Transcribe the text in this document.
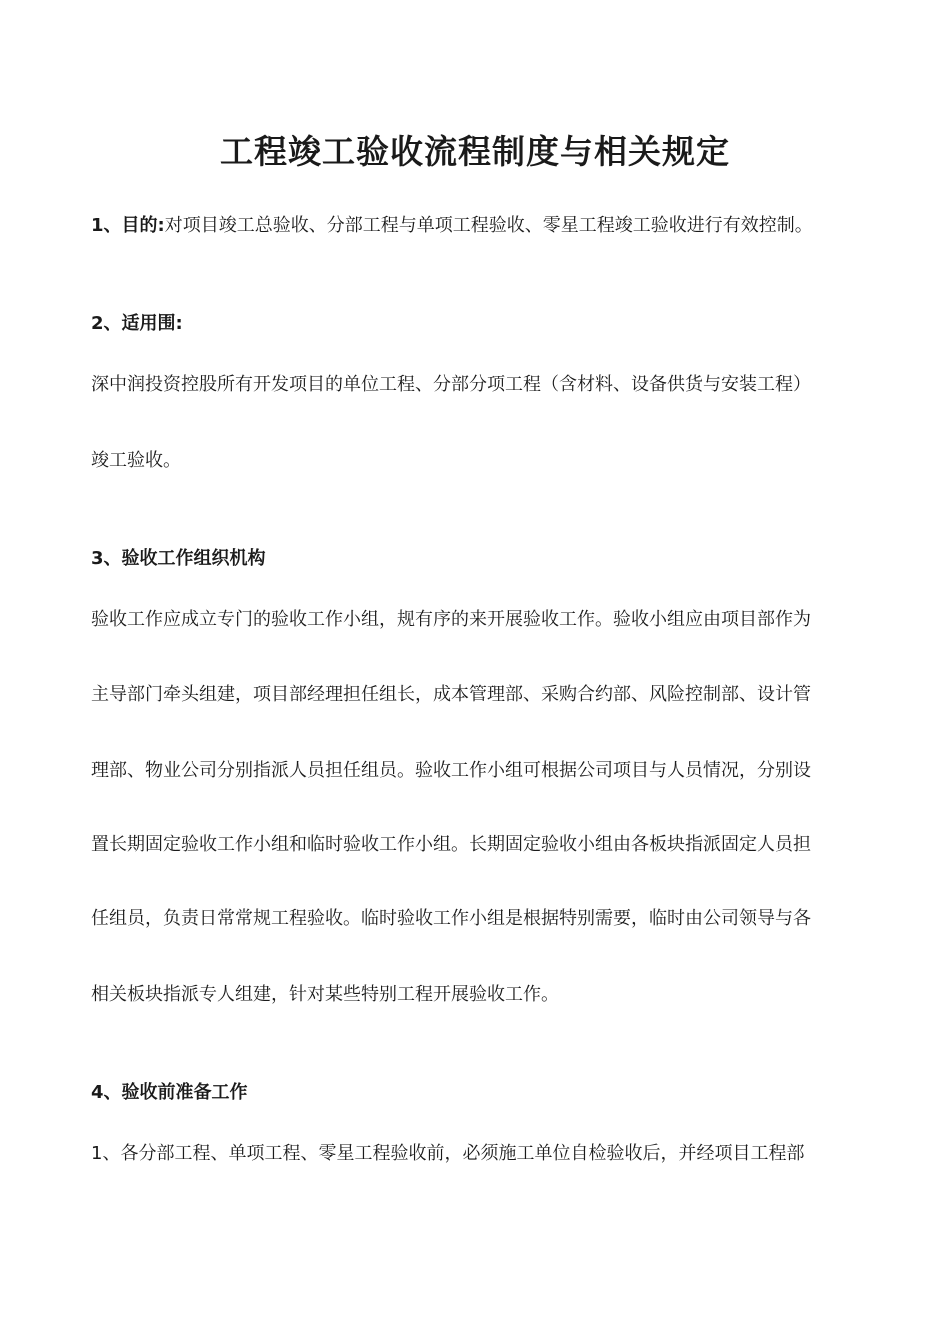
工程竣工验收流程制度与相关规定
1、目的:对项目竣工总验收、分部工程与单项工程验收、零星工程竣工验收进行有效控制。
2、适用围:
深中润投资控股所有开发项目的单位工程、分部分项工程（含材料、设备供货与安装工程）
竣工验收。
3、验收工作组织机构
验收工作应成立专门的验收工作小组，规有序的来开展验收工作。验收小组应由项目部作为
主导部门牵头组建，项目部经理担任组长，成本管理部、采购合约部、风险控制部、设计管
理部、物业公司分别指派人员担任组员。验收工作小组可根据公司项目与人员情况，分别设
置长期固定验收工作小组和临时验收工作小组。长期固定验收小组由各板块指派固定人员担
任组员，负责日常常规工程验收。临时验收工作小组是根据特别需要，临时由公司领导与各
相关板块指派专人组建，针对某些特别工程开展验收工作。
4、验收前准备工作
1、各分部工程、单项工程、零星工程验收前，必须施工单位自检验收后，并经项目工程部
